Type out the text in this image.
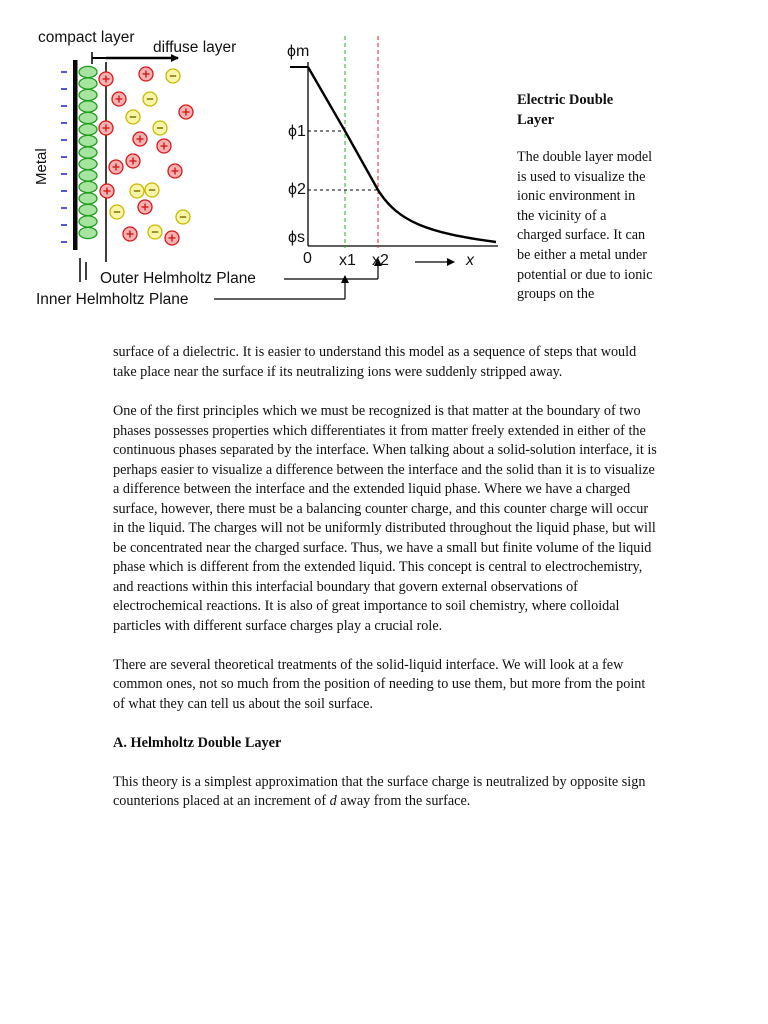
compact layer
diffuse layer
Metal
Outer Helmholtz Plane
Inner Helmholtz Plane
ϕm
ϕ1
ϕ2
ϕs
0 x1 x2	x
Electric Double Layer

The double layer model is used to visualize the ionic environment in the vicinity of a charged surface. It can be either a metal under potential or due to ionic groups on the

surface of a dielectric. It is easier to understand this model as a sequence of steps that would take place near the surface if its neutralizing ions were suddenly stripped away.

One of the first principles which we must be recognized is that matter at the boundary of two phases possesses properties which differentiates it from matter freely extended in either of the continuous phases separated by the interface. When talking about a solid-solution interface, it is perhaps easier to visualize a difference between the interface and the solid than it is to visualize a difference between the interface and the extended liquid phase. Where we have a charged surface, however, there must be a balancing counter charge, and this counter charge will occur in the liquid. The charges will not be uniformly distributed throughout the liquid phase, but will be concentrated near the charged surface. Thus, we have a small but finite volume of the liquid phase which is different from the extended liquid. This concept is central to electrochemistry, and reactions within this interfacial boundary that govern external observations of electrochemical reactions. It is also of great importance to soil chemistry, where colloidal particles with different surface charges play a crucial role.

There are several theoretical treatments of the solid-liquid interface. We will look at a few common ones, not so much from the position of needing to use them, but more from the point of what they can tell us about the soil surface.

A. Helmholtz Double Layer

This theory is a simplest approximation that the surface charge is neutralized by opposite sign counterions placed at an increment of d away from the surface.
